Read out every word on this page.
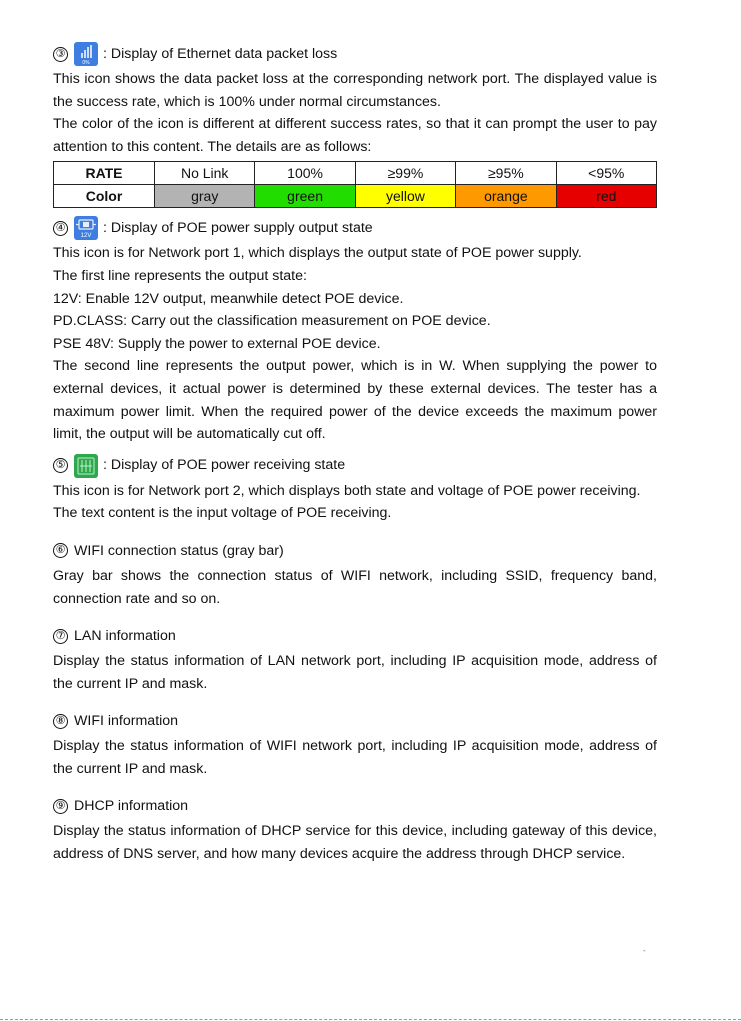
③
0%
: Display of Ethernet data packet loss

This icon shows the data packet loss at the corresponding network port. The displayed value is the success rate, which is 100% under normal circumstances.

The color of the icon is different at different success rates, so that it can prompt the user to pay attention to this content. The details are as follows:

RATE	No Link	100%	≥99%	≥95%	<95%
Color	gray	green	yellow	orange	red
④
12V
: Display of POE power supply output state

This icon is for Network port 1, which displays the output state of POE power supply.

The first line represents the output state:

12V: Enable 12V output, meanwhile detect POE device.

PD.CLASS: Carry out the classification measurement on POE device.

PSE 48V: Supply the power to external POE device.

The second line represents the output power, which is in W. When supplying the power to external devices, it actual power is determined by these external devices. The tester has a maximum power limit. When the required power of the device exceeds the maximum power limit, the output will be automatically cut off.

⑤	: Display of POE power receiving state

This icon is for Network port 2, which displays both state and voltage of POE power receiving.

The text content is the input voltage of POE receiving.

⑥ WIFI connection status (gray bar)

Gray bar shows the connection status of WIFI network, including SSID, frequency band, connection rate and so on.

⑦ LAN information

Display the status information of LAN network port, including IP acquisition mode, address of the current IP and mask.

⑧ WIFI information

Display the status information of WIFI network port, including IP acquisition mode, address of the current IP and mask.

⑨ DHCP information

Display the status information of DHCP service for this device, including gateway of this device, address of DNS server, and how many devices acquire the address through DHCP service.

-
